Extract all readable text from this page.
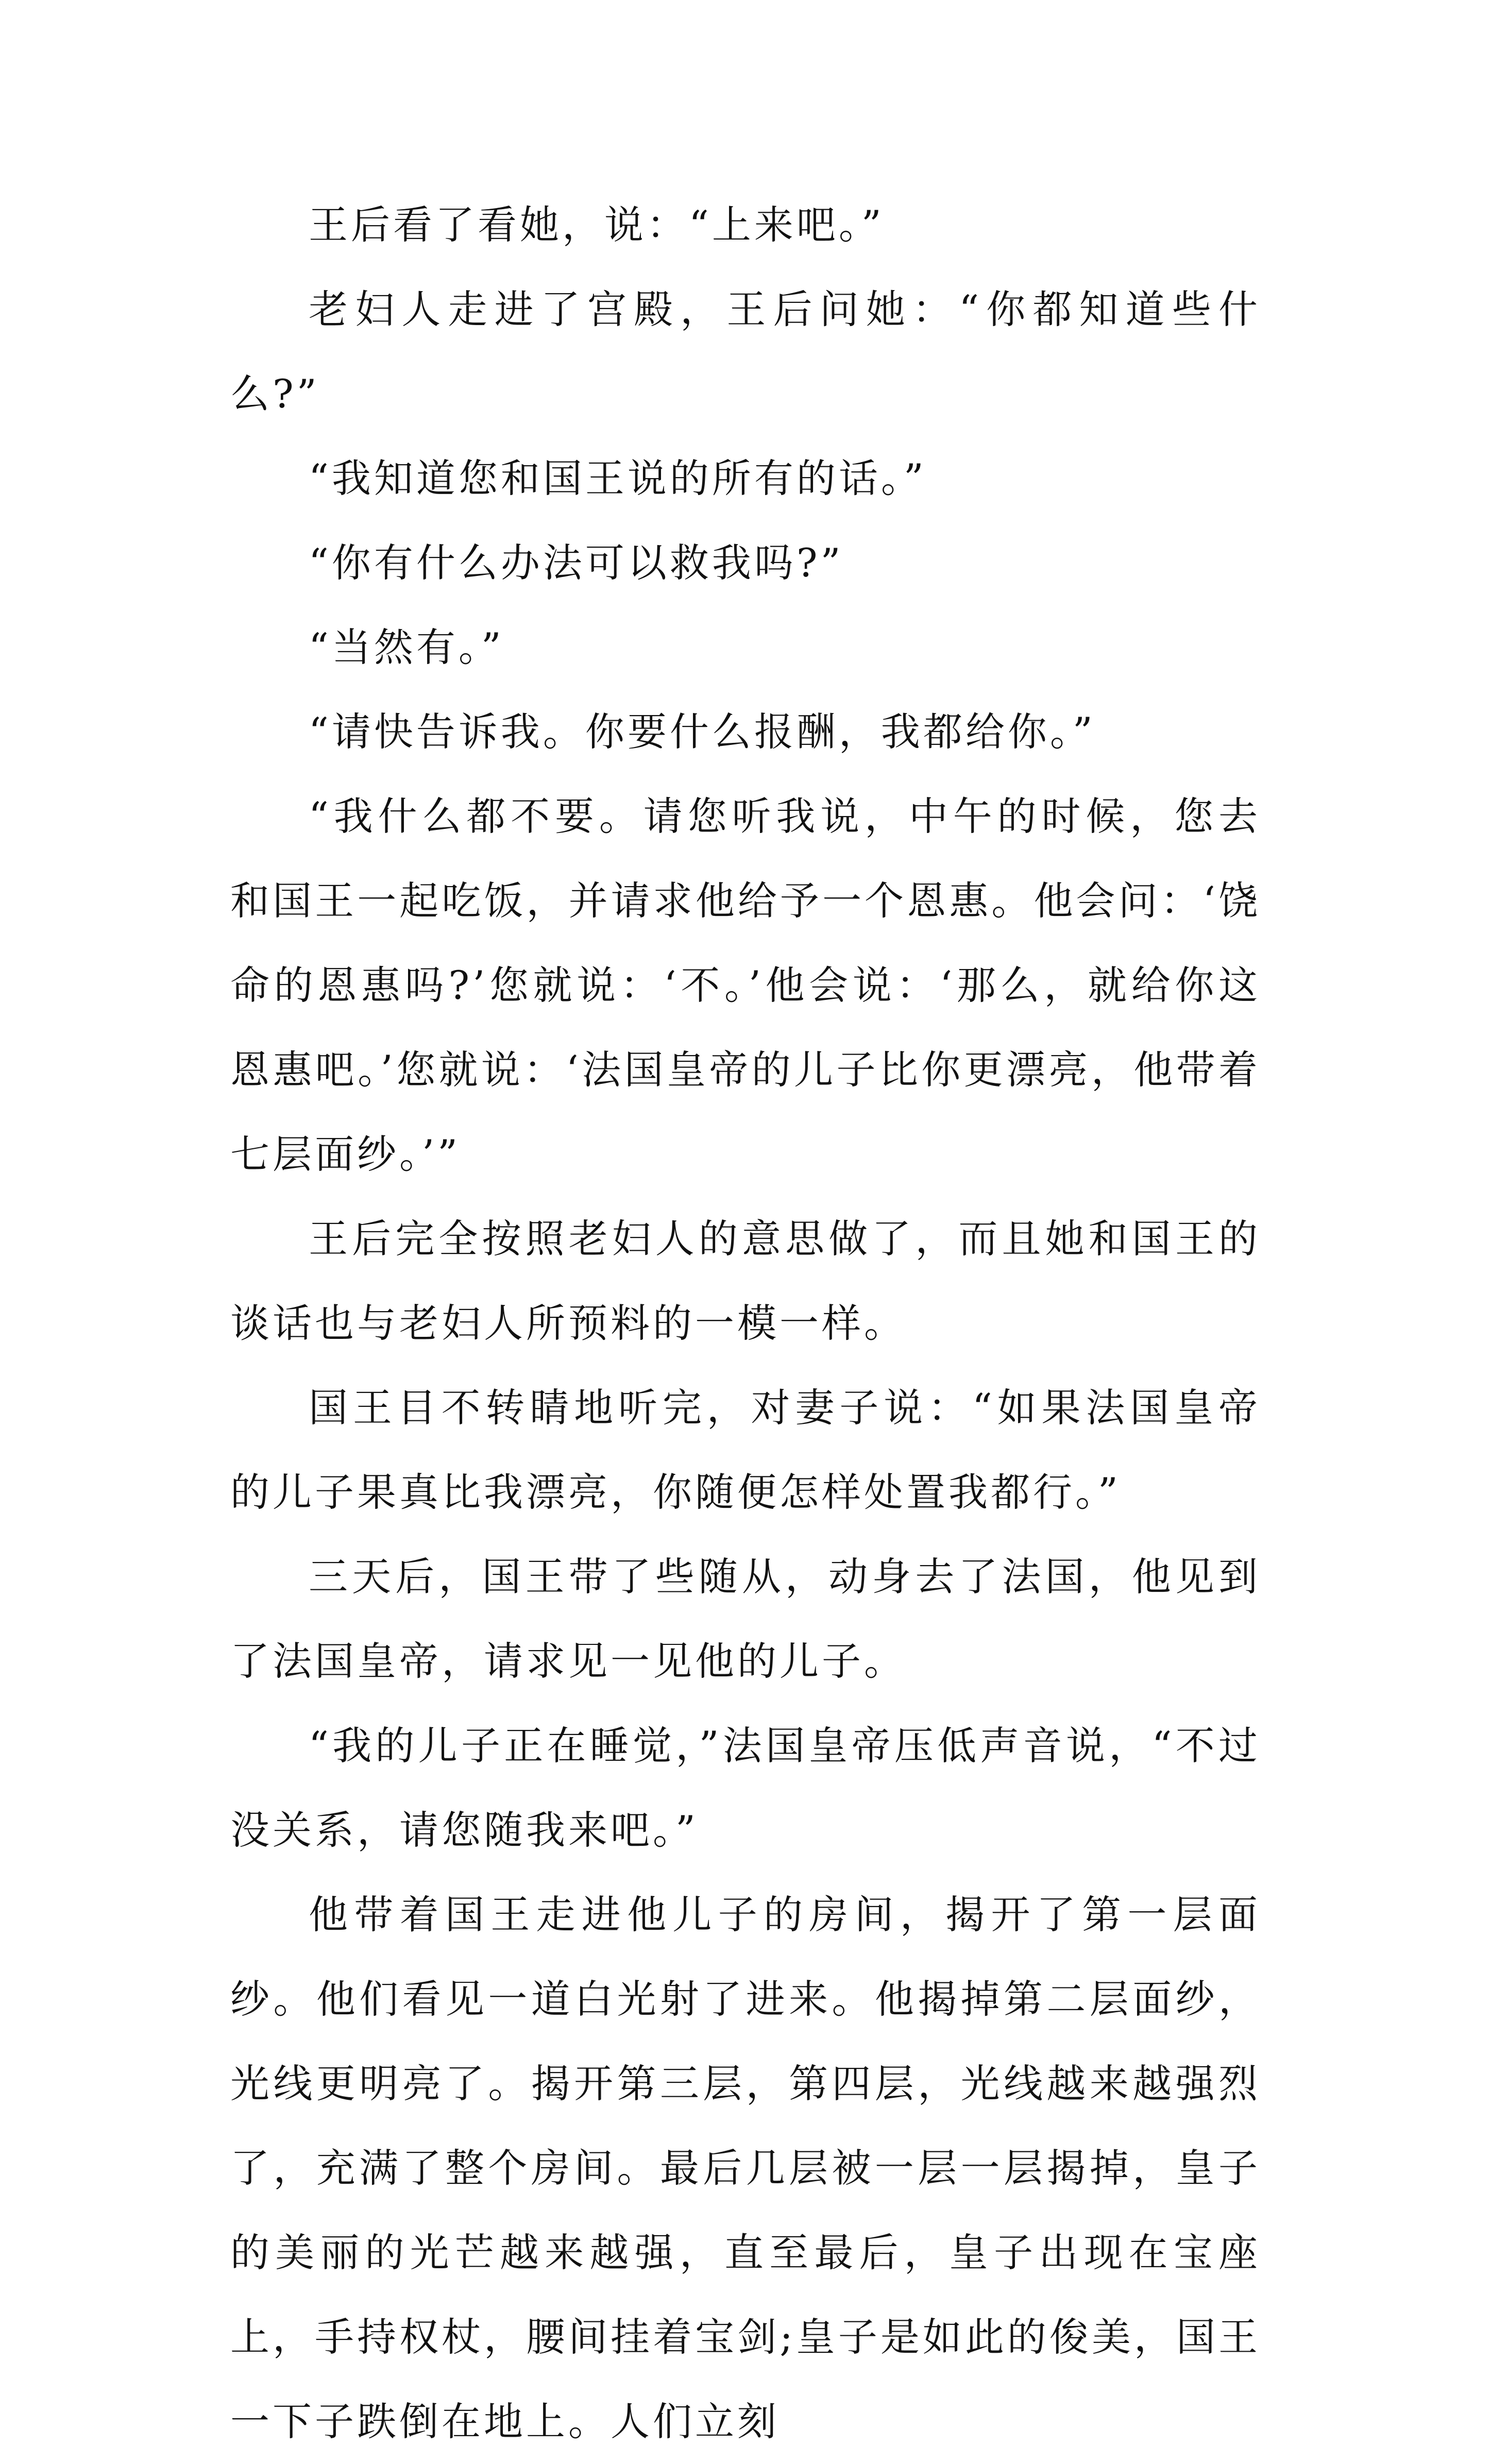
王后看了看她，说：“上来吧。”

老妇人走进了宫殿，王后问她：“你都知道些什么?”

“我知道您和国王说的所有的话。”

“你有什么办法可以救我吗?”

“当然有。”

“请快告诉我。你要什么报酬，我都给你。”

“我什么都不要。请您听我说，中午的时候，您去和国王一起吃饭，并请求他给予一个恩惠。他会问：‘饶命的恩惠吗?’您就说：‘不。’他会说：‘那么，就给你这恩惠吧。’您就说：‘法国皇帝的儿子比你更漂亮，他带着七层面纱。’”

王后完全按照老妇人的意思做了，而且她和国王的谈话也与老妇人所预料的一模一样。

国王目不转睛地听完，对妻子说：“如果法国皇帝的儿子果真比我漂亮，你随便怎样处置我都行。”

三天后，国王带了些随从，动身去了法国，他见到了法国皇帝，请求见一见他的儿子。

“我的儿子正在睡觉，”法国皇帝压低声音说，“不过没关系，请您随我来吧。”

他带着国王走进他儿子的房间，揭开了第一层面纱。他们看见一道白光射了进来。他揭掉第二层面纱，光线更明亮了。揭开第三层，第四层，光线越来越强烈了，充满了整个房间。最后几层被一层一层揭掉，皇子的美丽的光芒越来越强，直至最后，皇子出现在宝座上，手持权杖，腰间挂着宝剑;皇子是如此的俊美，国王一下子跌倒在地上。人们立刻
